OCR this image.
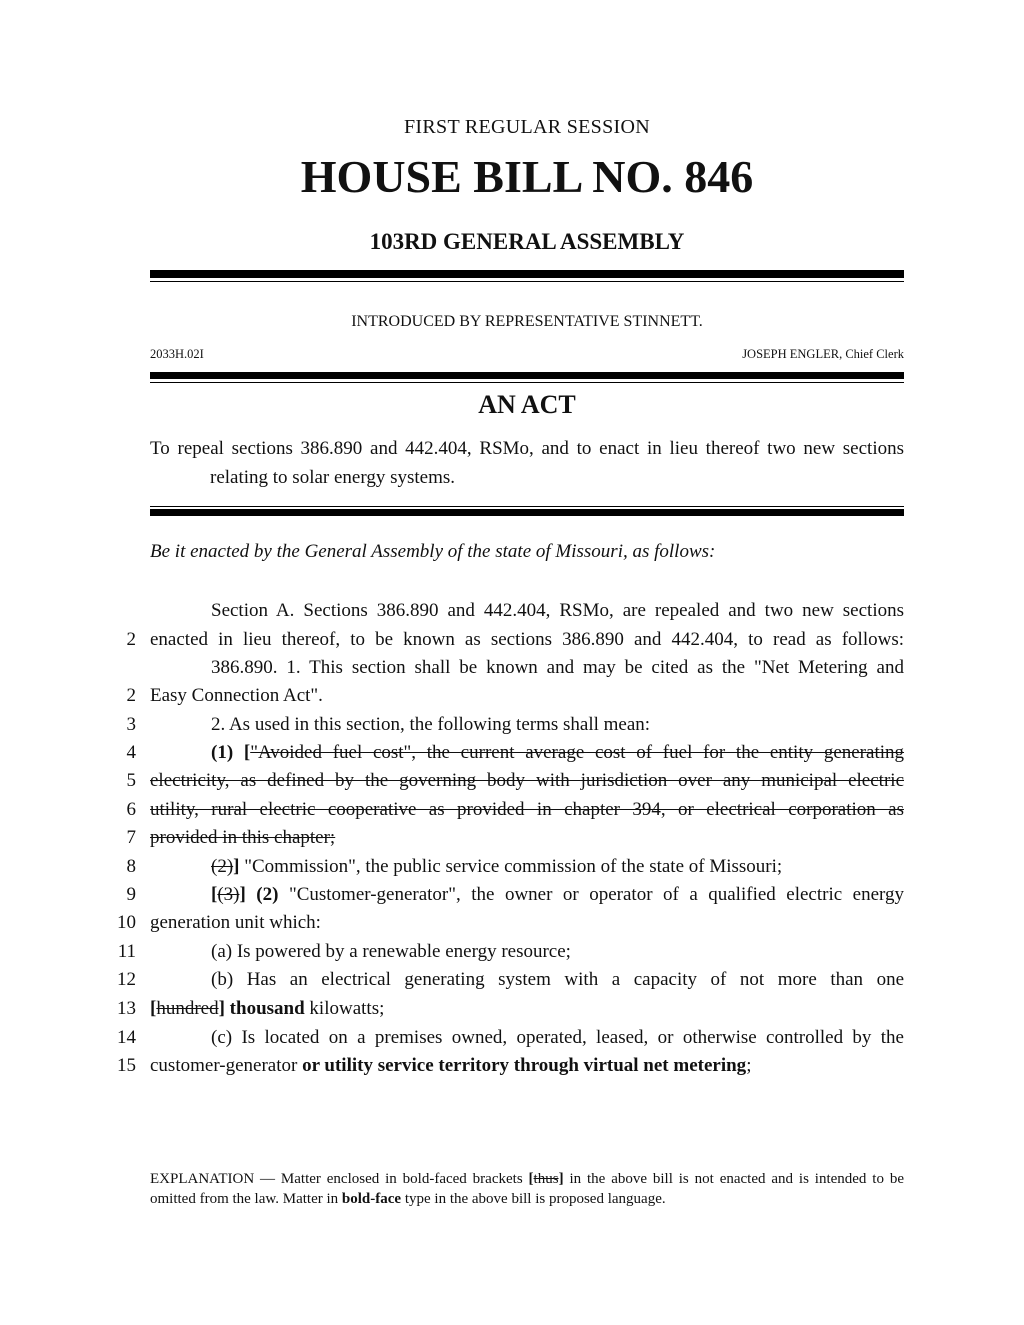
FIRST REGULAR SESSION
HOUSE BILL NO. 846
103RD GENERAL ASSEMBLY
INTRODUCED BY REPRESENTATIVE STINNETT.
2033H.02I	JOSEPH ENGLER, Chief Clerk
AN ACT
To repeal sections 386.890 and 442.404, RSMo, and to enact in lieu thereof two new sections
relating to solar energy systems.
Be it enacted by the General Assembly of the state of Missouri, as follows:
Section A. Sections 386.890 and 442.404, RSMo, are repealed and two new sections
2 enacted in lieu thereof, to be known as sections 386.890 and 442.404, to read as follows:
386.890. 1. This section shall be known and may be cited as the "Net Metering and
2 Easy Connection Act".
3	2. As used in this section, the following terms shall mean:
4	(1) ["Avoided fuel cost", the current average cost of fuel for the entity generating
5 electricity, as defined by the governing body with jurisdiction over any municipal electric
6 utility, rural electric cooperative as provided in chapter 394, or electrical corporation as
7 provided in this chapter;
8	(2)] "Commission", the public service commission of the state of Missouri;
9	[(3)] (2) "Customer-generator", the owner or operator of a qualified electric energy
10 generation unit which:
11	(a) Is powered by a renewable energy resource;
12	(b) Has an electrical generating system with a capacity of not more than one
13 [hundred] thousand kilowatts;
14	(c) Is located on a premises owned, operated, leased, or otherwise controlled by the
15 customer-generator or utility service territory through virtual net metering;
EXPLANATION — Matter enclosed in bold-faced brackets [thus] in the above bill is not enacted and is intended to be omitted from the law. Matter in bold-face type in the above bill is proposed language.
